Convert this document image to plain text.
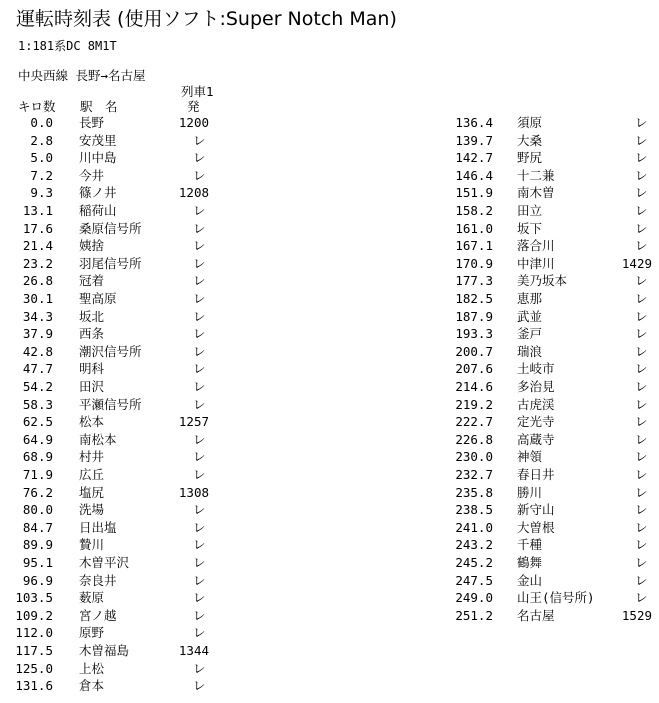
運転時刻表 (使用ソフト:Super Notch Man)
1:181系DC 8M1T
中央西線 長野→名古屋
列車1
キロ数 駅　名	発
0.0 長野	1200
2.8 安茂里	レ
5.0 川中島	レ
7.2 今井	レ
9.3 篠ノ井	1208
13.1 稲荷山	レ
17.6 桑原信号所	レ
21.4 姨捨	レ
23.2 羽尾信号所	レ
26.8 冠着	レ
30.1 聖高原	レ
34.3 坂北	レ
37.9 西条	レ
42.8 潮沢信号所	レ
47.7 明科	レ
54.2 田沢	レ
58.3 平瀬信号所	レ
62.5 松本	1257
64.9 南松本	レ
68.9 村井	レ
71.9 広丘	レ
76.2 塩尻	1308
80.0 洗場	レ
84.7 日出塩	レ
89.9 贄川	レ
95.1 木曽平沢	レ
96.9 奈良井	レ
103.5 薮原	レ
109.2 宮ノ越	レ
112.0 原野	レ
117.5 木曽福島	1344
125.0 上松	レ
131.6 倉本	レ
136.4 須原	レ
139.7 大桑	レ
142.7 野尻	レ
146.4 十二兼	レ
151.9 南木曽	レ
158.2 田立	レ
161.0 坂下	レ
167.1 落合川	レ
170.9 中津川	1429
177.3 美乃坂本	レ
182.5 恵那	レ
187.9 武並	レ
193.3 釜戸	レ
200.7 瑞浪	レ
207.6 土岐市	レ
214.6 多治見	レ
219.2 古虎渓	レ
222.7 定光寺	レ
226.8 高蔵寺	レ
230.0 神領	レ
232.7 春日井	レ
235.8 勝川	レ
238.5 新守山	レ
241.0 大曽根	レ
243.2 千種	レ
245.2 鶴舞	レ
247.5 金山	レ
249.0 山王(信号所)	レ
251.2 名古屋	1529
